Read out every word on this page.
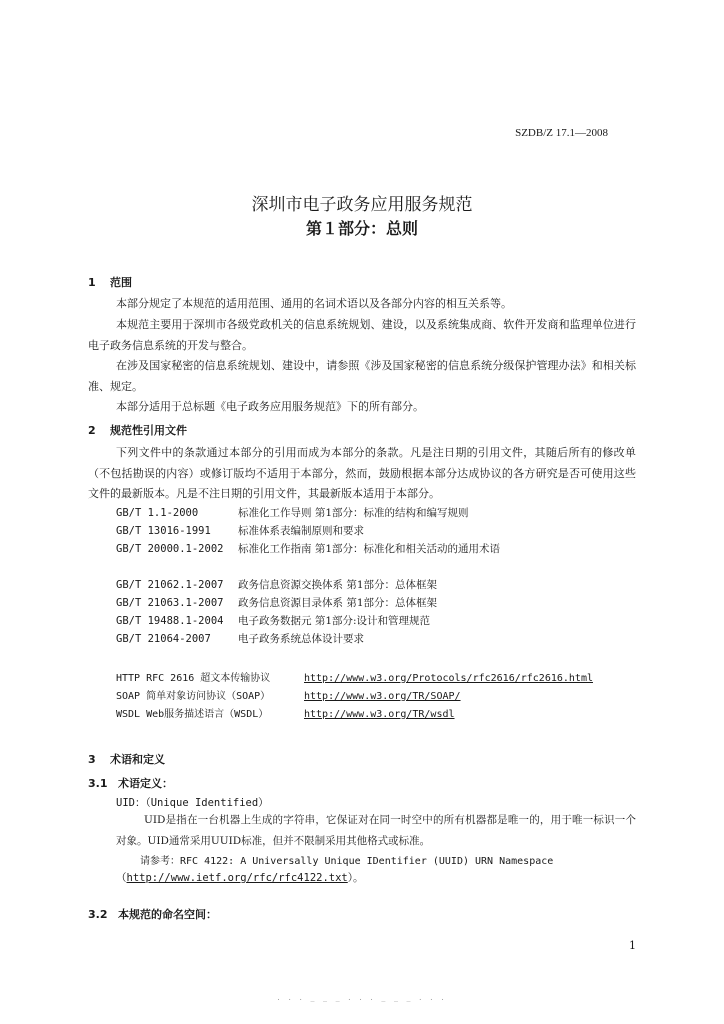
SZDB/Z 17.1—2008
深圳市电子政务应用服务规范
第１部分：总则
1 范围
本部分规定了本规范的适用范围、通用的名词术语以及各部分内容的相互关系等。
本规范主要用于深圳市各级党政机关的信息系统规划、建设，以及系统集成商、软件开发商和监理单位进行电子政务信息系统的开发与整合。
在涉及国家秘密的信息系统规划、建设中，请参照《涉及国家秘密的信息系统分级保护管理办法》和相关标准、规定。
本部分适用于总标题《电子政务应用服务规范》下的所有部分。
2 规范性引用文件
下列文件中的条款通过本部分的引用而成为本部分的条款。凡是注日期的引用文件，其随后所有的修改单（不包括勘误的内容）或修订版均不适用于本部分，然而，鼓励根据本部分达成协议的各方研究是否可使用这些文件的最新版本。凡是不注日期的引用文件，其最新版本适用于本部分。
GB/T 1.1-2000	标准化工作导则 第1部分：标准的结构和编写规则
GB/T 13016-1991	标准体系表编制原则和要求
GB/T 20000.1-2002 标准化工作指南 第1部分：标准化和相关活动的通用术语
GB/T 21062.1-2007 政务信息资源交换体系 第1部分：总体框架
GB/T 21063.1-2007 政务信息资源目录体系 第1部分：总体框架
GB/T 19488.1-2004 电子政务数据元 第1部分:设计和管理规范
GB/T 21064-2007	电子政务系统总体设计要求
HTTP RFC 2616 超文本传输协议	http://www.w3.org/Protocols/rfc2616/rfc2616.html
SOAP 简单对象访问协议（SOAP）	http://www.w3.org/TR/SOAP/
WSDL Web服务描述语言（WSDL）	http://www.w3.org/TR/wsdl
3 术语和定义
3.1 术语定义：
UID：（Unique Identified）
UID是指在一台机器上生成的字符串，它保证对在同一时空中的所有机器都是唯一的，用于唯一标识一个对象。UID通常采用UUID标准，但并不限制采用其他格式或标准。
请参考：RFC 4122: A Universally Unique IDentifier (UUID) URN Namespace
（http://www.ietf.org/rfc/rfc4122.txt）。
3.2 本规范的命名空间：
1
. . . _ _ _ . . . _ _ _ . . .
